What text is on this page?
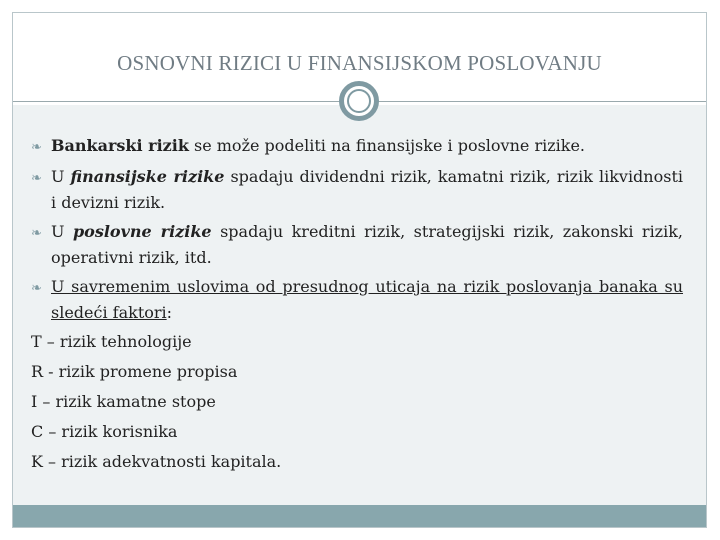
OSNOVNI RIZICI U FINANSIJSKOM POSLOVANJU

❧ Bankarski rizik se može podeliti na finansijske i poslovne rizike.

❧ U finansijske rizike spadaju dividendni rizik, kamatni rizik, rizik likvidnosti i devizni rizik.

❧ U poslovne rizike spadaju kreditni rizik, strategijski rizik, zakonski rizik, operativni rizik, itd.

❧ U savremenim uslovima od presudnog uticaja na rizik poslovanja banaka su sledeći faktori:

T – rizik tehnologije
R - rizik promene propisa
I – rizik kamatne stope
C – rizik korisnika
K – rizik adekvatnosti kapitala.
